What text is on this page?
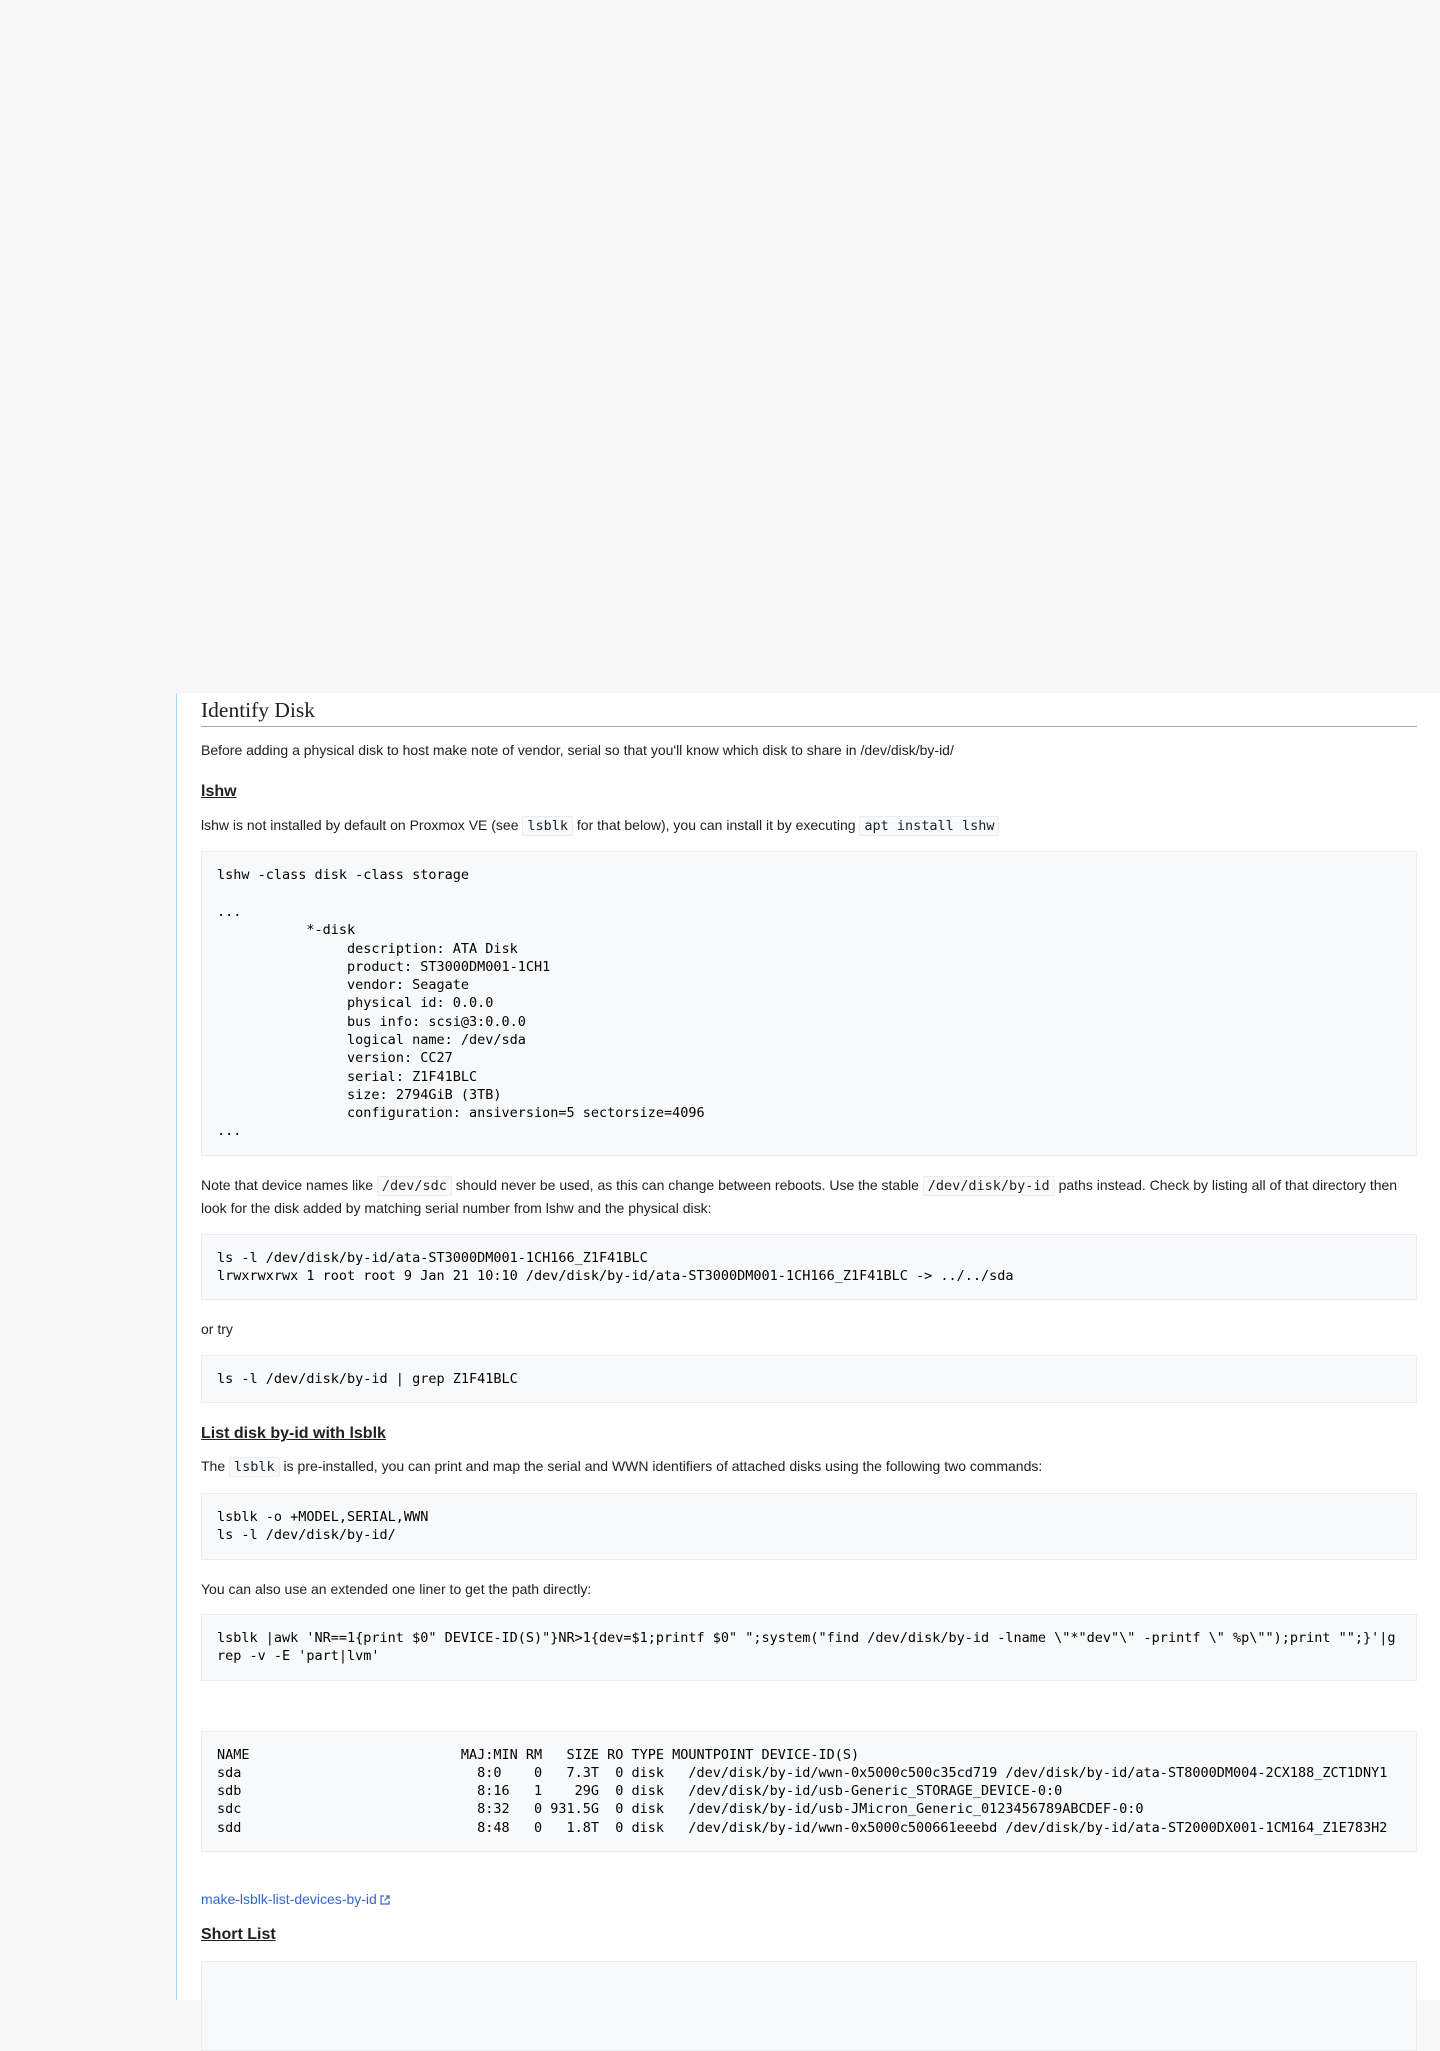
Identify Disk

Before adding a physical disk to host make note of vendor, serial so that you'll know which disk to share in /dev/disk/by-id/

lshw

lshw is not installed by default on Proxmox VE (see lsblk for that below), you can install it by executing apt install lshw

lshw -class disk -class storage

...
*-disk
description: ATA Disk
product: ST3000DM001-1CH1
vendor: Seagate
physical id: 0.0.0
bus info: scsi@3:0.0.0
logical name: /dev/sda
version: CC27
serial: Z1F41BLC
size: 2794GiB (3TB)
configuration: ansiversion=5 sectorsize=4096
...

Note that device names like /dev/sdc should never be used, as this can change between reboots. Use the stable /dev/disk/by-id paths instead. Check by listing all of that directory then look for the disk added by matching serial number from lshw and the physical disk:

ls -l /dev/disk/by-id/ata-ST3000DM001-1CH166_Z1F41BLC
lrwxrwxrwx 1 root root 9 Jan 21 10:10 /dev/disk/by-id/ata-ST3000DM001-1CH166_Z1F41BLC -> ../../sda

or try

ls -l /dev/disk/by-id | grep Z1F41BLC
List disk by-id with lsblk

The lsblk is pre-installed, you can print and map the serial and WWN identifiers of attached disks using the following two commands:

lsblk -o +MODEL,SERIAL,WWN
ls -l /dev/disk/by-id/

You can also use an extended one liner to get the path directly:

lsblk |awk 'NR==1{print $0" DEVICE-ID(S)"}NR>1{dev=$1;printf $0" ";system("find /dev/disk/by-id -lname \"*"dev"\" -printf \" %p\"");print "";}'|grep -v -E 'part|lvm'
NAME                          MAJ:MIN RM   SIZE RO TYPE MOUNTPOINT DEVICE-ID(S)
sda                             8:0    0   7.3T  0 disk   /dev/disk/by-id/wwn-0x5000c500c35cd719 /dev/disk/by-id/ata-ST8000DM004-2CX188_ZCT1DNY1
sdb                             8:16   1    29G  0 disk   /dev/disk/by-id/usb-Generic_STORAGE_DEVICE-0:0
sdc                             8:32   0 931.5G  0 disk   /dev/disk/by-id/usb-JMicron_Generic_0123456789ABCDEF-0:0
sdd                             8:48   0   1.8T  0 disk   /dev/disk/by-id/wwn-0x5000c500661eeebd /dev/disk/by-id/ata-ST2000DX001-1CM164_Z1E783H2

make-lsblk-list-devices-by-id

Short List
